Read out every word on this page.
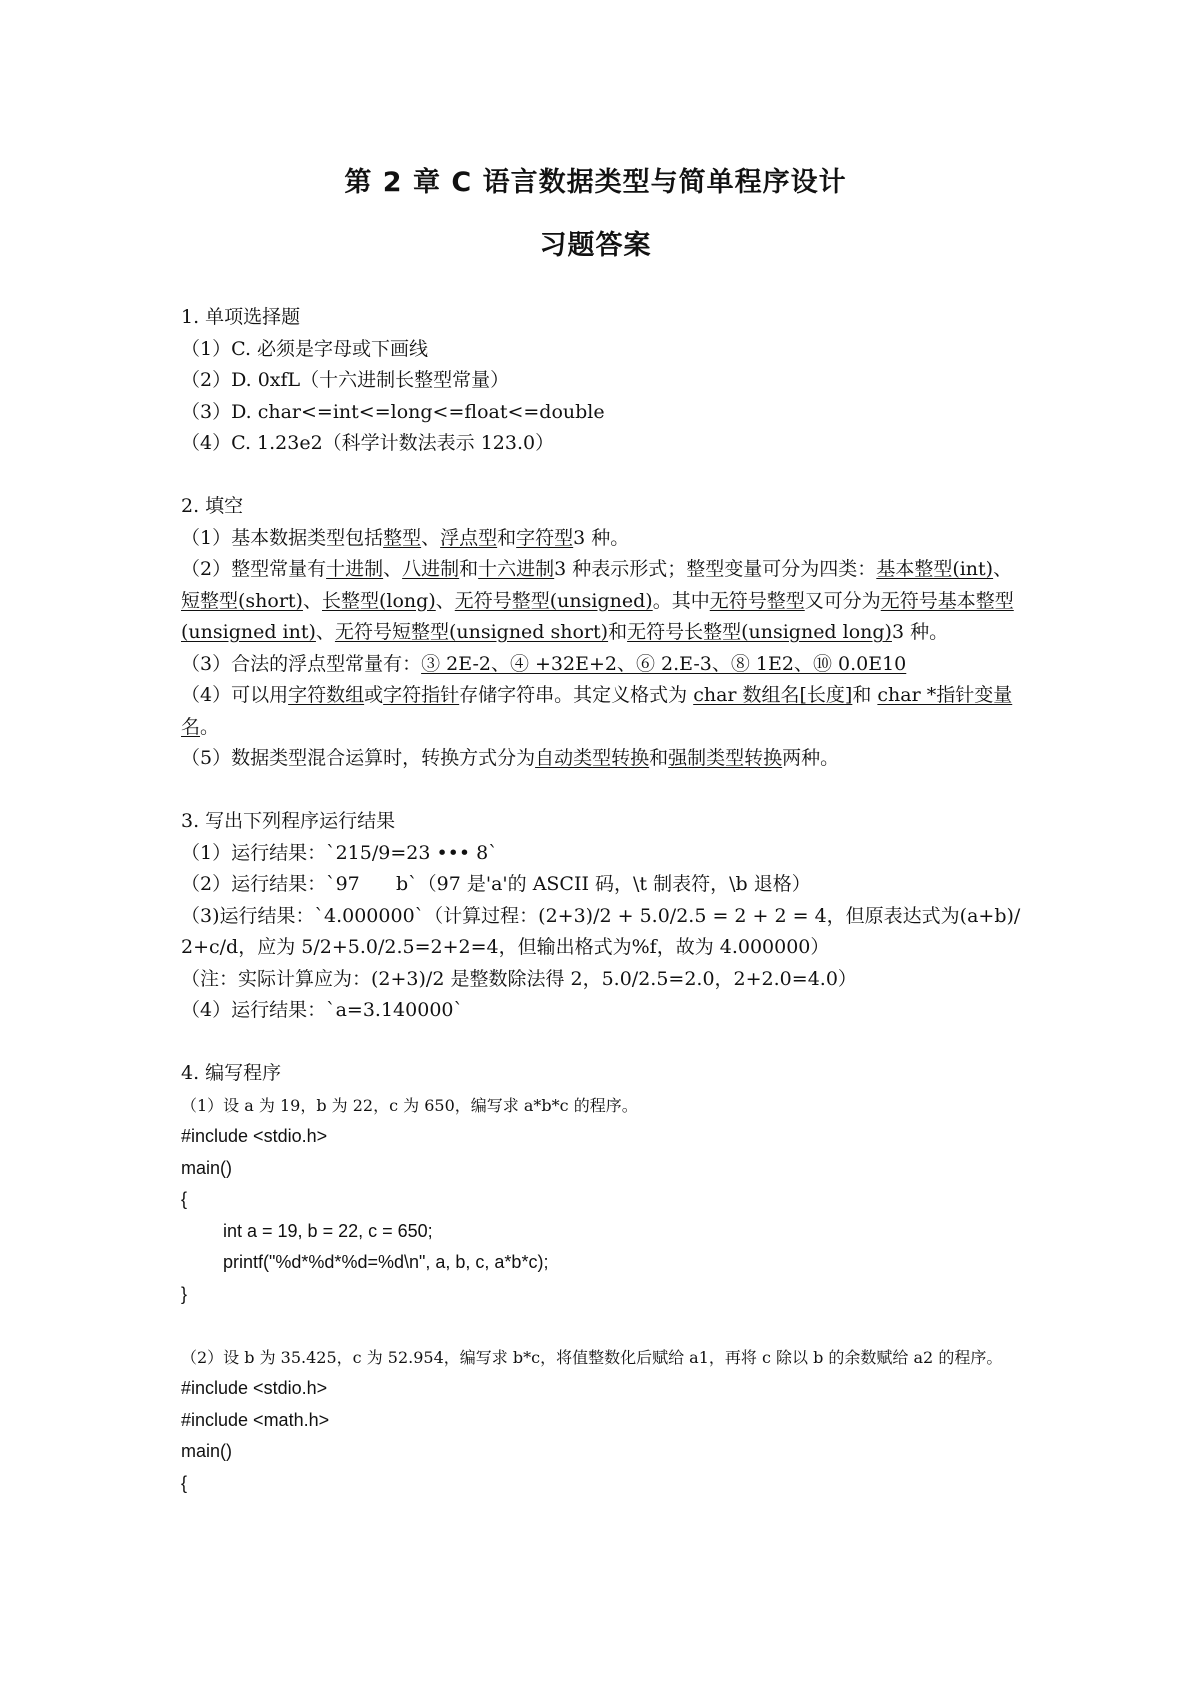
第 2 章 C 语言数据类型与简单程序设计
习题答案
1. 单项选择题
（1）C. 必须是字母或下画线
（2）D. 0xfL（十六进制长整型常量）
（3）D. char<=int<=long<=float<=double
（4）C. 1.23e2（科学计数法表示 123.0）
2. 填空
（1）基本数据类型包括整型、浮点型和字符型3 种。
（2）整型常量有十进制、八进制和十六进制3 种表示形式；整型变量可分为四类：基本整型(int)、短整型(short)、长整型(long)、无符号整型(unsigned)。其中无符号整型又可分为无符号基本整型(unsigned int)、无符号短整型(unsigned short)和无符号长整型(unsigned long)3 种。
（3）合法的浮点型常量有：③ 2E-2、④ +32E+2、⑥ 2.E-3、⑧ 1E2、⑩ 0.0E10
（4）可以用字符数组或字符指针存储字符串。其定义格式为 char 数组名[长度]和 char *指针变量名。
（5）数据类型混合运算时，转换方式分为自动类型转换和强制类型转换两种。
3. 写出下列程序运行结果
（1）运行结果：`215/9=23 ••• 8`
（2）运行结果：`97      b`（97 是'a'的 ASCII 码，\t 制表符，\b 退格）
（3)运行结果：`4.000000`（计算过程：(2+3)/2 + 5.0/2.5 = 2 + 2 = 4，但原表达式为(a+b)/2+c/d，应为 5/2+5.0/2.5=2+2=4，但输出格式为%f，故为 4.000000）
（注：实际计算应为：(2+3)/2 是整数除法得 2，5.0/2.5=2.0，2+2.0=4.0）
（4）运行结果：`a=3.140000`
4. 编写程序
（1）设 a 为 19，b 为 22，c 为 650，编写求 a*b*c 的程序。
#include <stdio.h>
main()
{
int a = 19, b = 22, c = 650;
printf("%d*%d*%d=%d\n", a, b, c, a*b*c);
}
（2）设 b 为 35.425，c 为 52.954，编写求 b*c，将值整数化后赋给 a1，再将 c 除以 b 的余数赋给 a2 的程序。
#include <stdio.h>
#include <math.h>
main()
{
